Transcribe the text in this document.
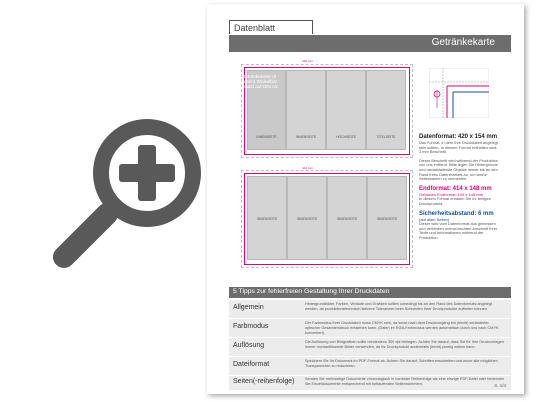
Datenblatt
Getränkekarte
420 mm
INNENSEITE	INNENSEITE	HOCHSEITE	TITELSEITE
Getränkekarte (6 Seiten) Wickelfalz gefalzt auf DIN A5
414 mm
INNENSEITE	INNENSEITE	INNENSEITE	INNENSEITE

Datenformat: 420 x 154 mm

Das Format, in dem Ihre Druckdaten angelegt sein sollten. In diesem Format enthalten sind: 3 mm Beschnitt.

Dieser Beschnitt wird während der Produktion von uns entfernt. Bitte legen Sie Hintergründe und randabfallende Objekte immer bis an den Rand Ihres Datenformats an, um weiße Seitenkanten zu vermeiden.

Endformat: 414 x 148 mm

Gefalztes Endformat: 105 x 148 mm

In diesem Format erhalten Sie Ihr fertiges Druckprodukt.

Sicherheitsabstand: 6 mm

(auf allen Seiten)

Dieser wird vom Datenformat aus gemessen und verhindert unerwünschten Anschnitt Ihrer Texte und Informationen während der Produktion.

5 Tipps zur fehlerfreien Gestaltung Ihrer Druckdaten
Allgemein	Hintergrundbilder, Farben, Verläufe und Grafiken sollten unbedingt bis an den Rand des Datenformats angelegt werden, da produktionstechnisch kleinere Toleranzen beim Schneiden Ihrer Druckprodukte auftreten können.
Farbmodus	Der Farbmodus Ihrer Druckdaten muss CMYK sein, da sonst nach dem Druckvorgang ein (leicht) veränderter, optischer Gesamteindruck entstehen kann. (Daten im RGB-Farbmodus werden automatisch durch uns nach CMYK konvertiert).
Auflösung	Die Auflösung von Bildgrafiken sollte mindestens 300 dpi betragen. Achten Sie darauf, dass Sie für Ihre Druckvorlagen immer hochauflösende Bilder verwenden, da Ihr Druckprodukt andernfalls (leicht) pixelig wirken kann.
Dateiformat	Speichern Sie Ihr Dokument im PDF-Format ab. Achten Sie darauf, Schriften einzubetten und zuvor alle möglichen Transparenzen zu reduzieren.
Seiten(-reihenfolge)	Senden Sie mehrseitige Dokumente chronologisch in korrekter Reihenfolge als eine einzige PDF-Datei oder benennen Sie Einzeldokumente entsprechend mit fortlaufenden Seitennummern.	S. 1/4
